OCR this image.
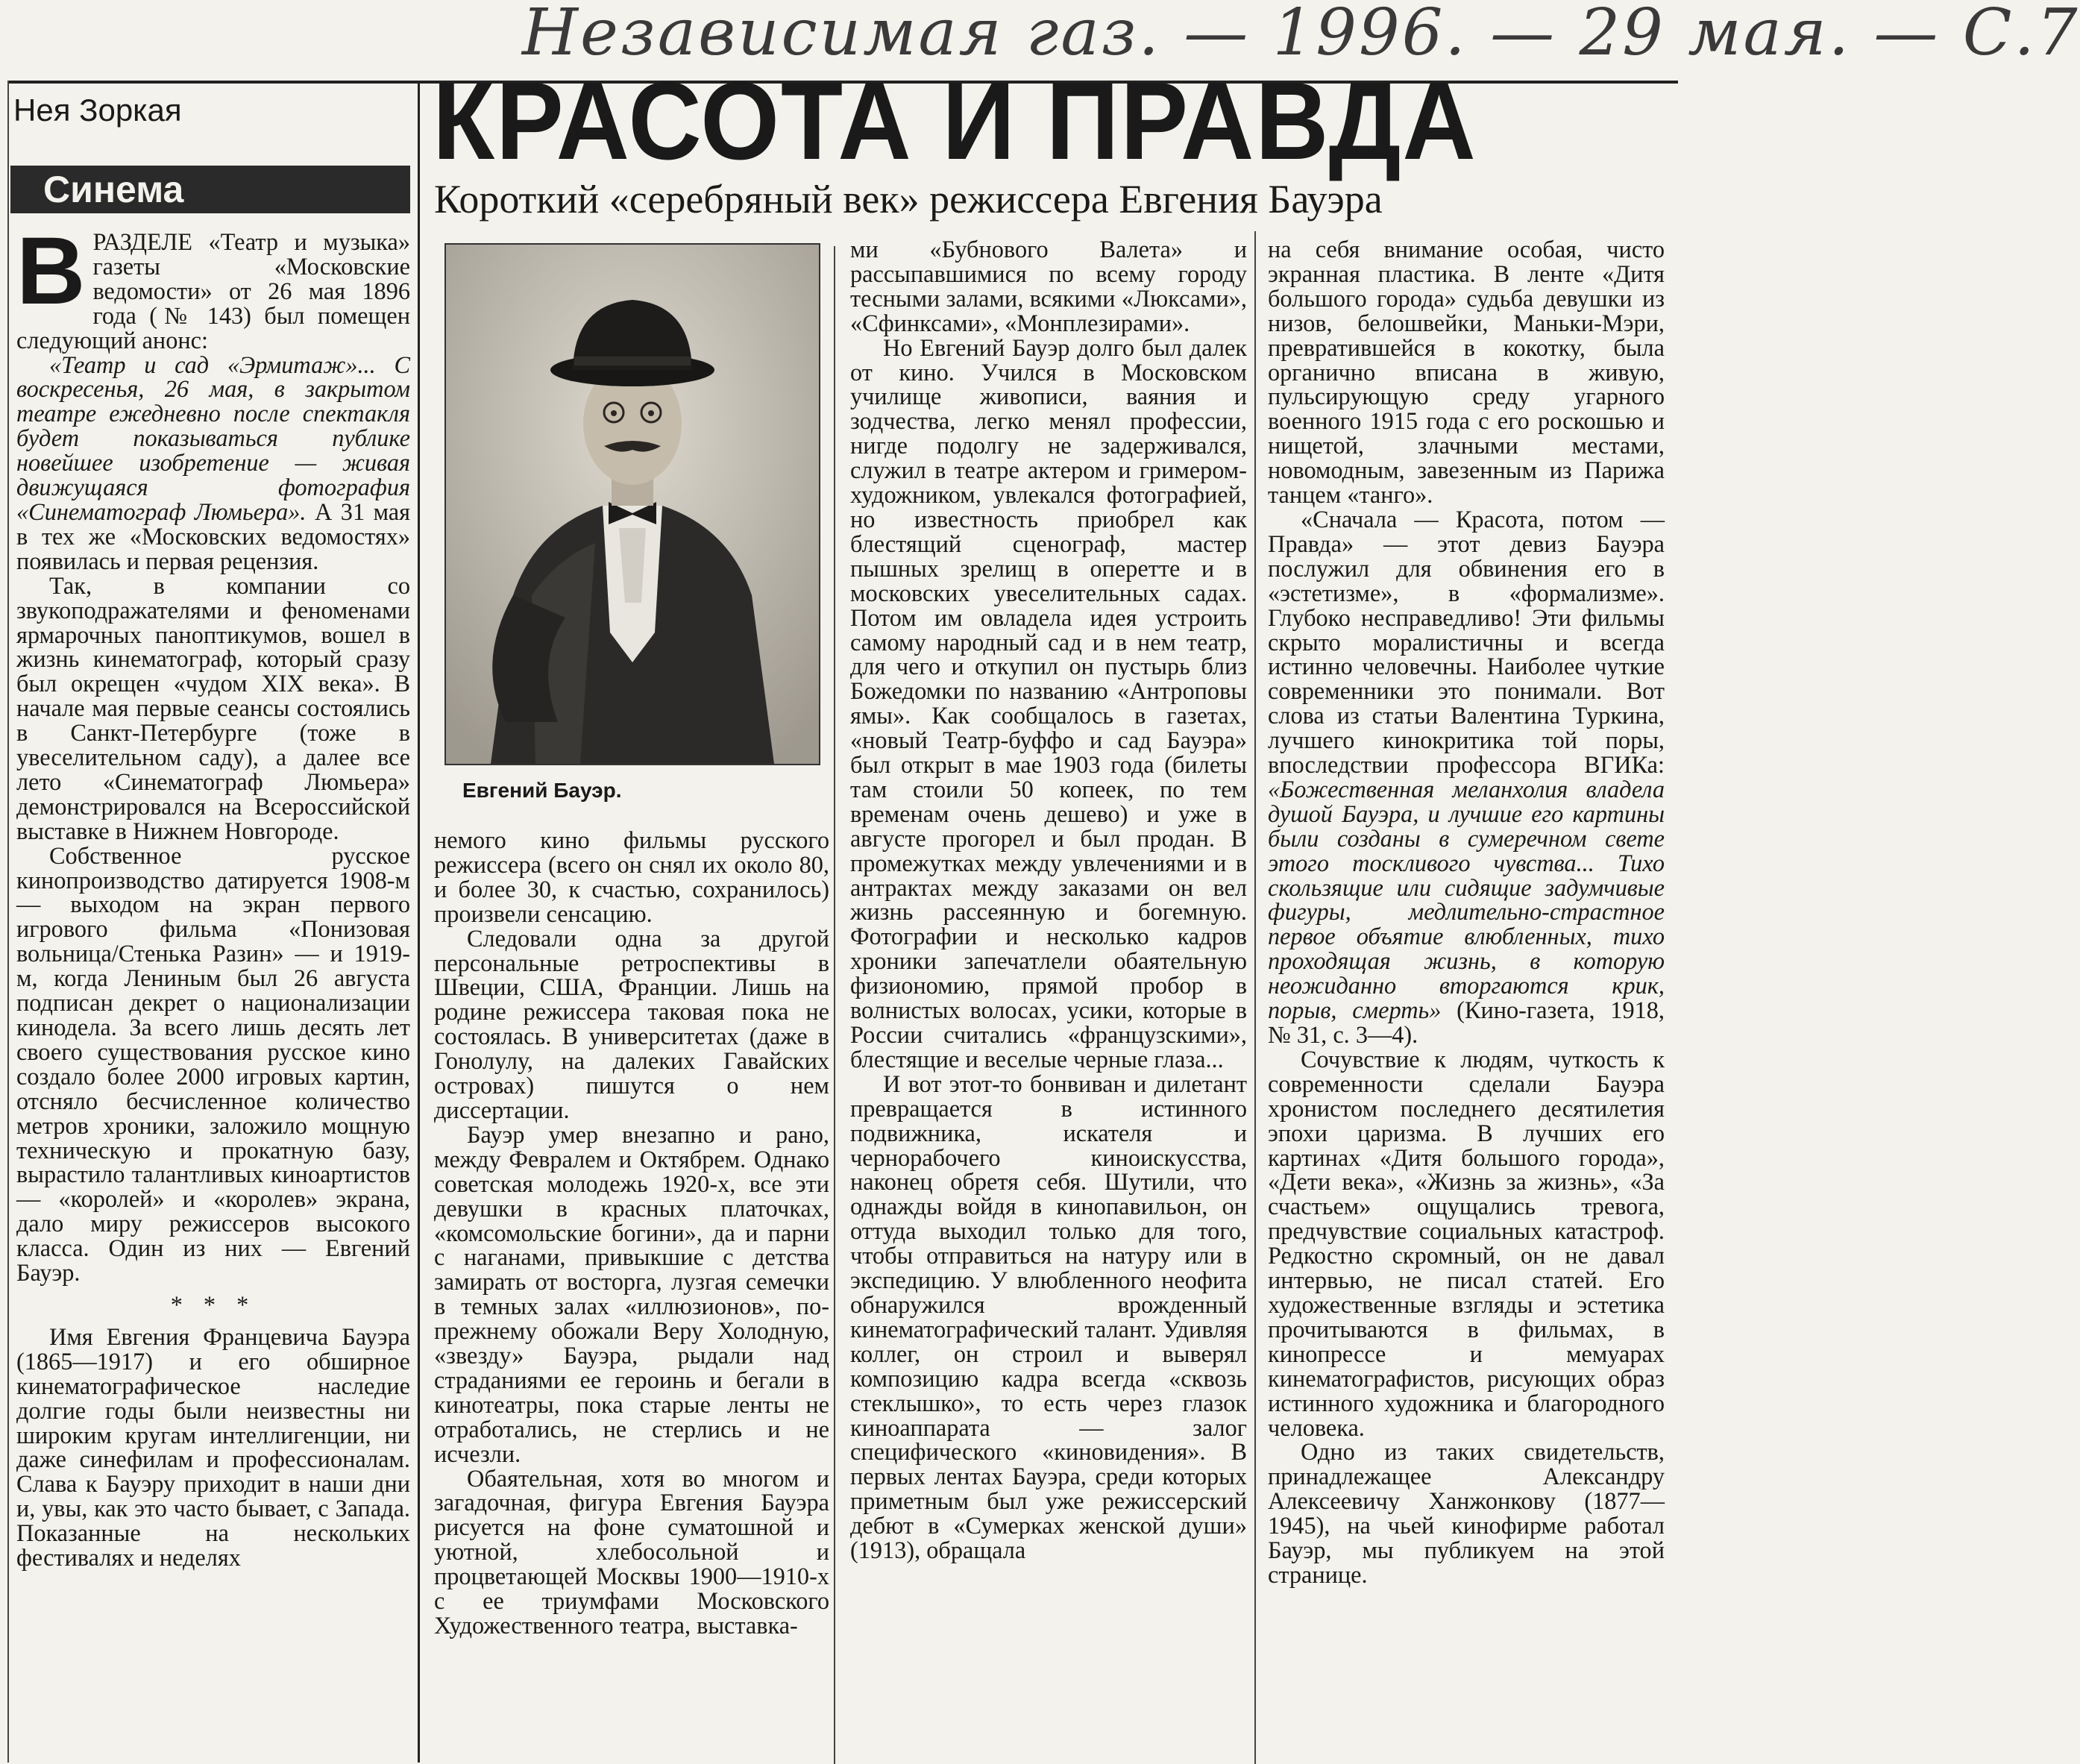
Независимая газ. — 1996. — 29 мая. — С.7
Нея Зоркая
Синема
КРАСОТА И ПРАВДА
Короткий «серебряный век» режиссера Евгения Бауэра
Евгений Бауэр.

ВРАЗДЕЛЕ «Театр и музыка» газеты «Московские ведомости» от 26 мая 1896 года (№ 143) был помещен следующий анонс:

«Театр и сад «Эрмитаж»... С воскресенья, 26 мая, в закрытом театре ежедневно после спектакля будет показываться публике новейшее изобретение — живая движущаяся фотография «Синематограф Люмьера». А 31 мая в тех же «Московских ведомостях» появилась и первая рецензия.

Так, в компании со звукоподражателями и феноменами ярмарочных паноптикумов, вошел в жизнь кинематограф, который сразу был окрещен «чудом XIX века». В начале мая первые сеансы состоялись в Санкт-Петербурге (тоже в увеселительном саду), а далее все лето «Синематограф Люмьера» демонстрировался на Всероссийской выставке в Нижнем Новгороде.

Собственное русское кинопроизводство датируется 1908-м — выходом на экран первого игрового фильма «Понизовая вольница/Стенька Разин» — и 1919-м, когда Лениным был 26 августа подписан декрет о национализации кинодела. За всего лишь десять лет своего существования русское кино создало более 2000 игровых картин, отсняло бесчисленное количество метров хроники, заложило мощную техническую и прокатную базу, вырастило талантливых киноартистов — «королей» и «королев» экрана, дало миру режиссеров высокого класса. Один из них — Евгений Бауэр.

* * *

Имя Евгения Францевича Бауэра (1865—1917) и его обширное кинематографическое наследие долгие годы были неизвестны ни широким кругам интеллигенции, ни даже синефилам и профессионалам. Слава к Бауэру приходит в наши дни и, увы, как это часто бывает, с Запада. Показанные на нескольких фестивалях и неделях

немого кино фильмы русского режиссера (всего он снял их около 80, и более 30, к счастью, сохранилось) произвели сенсацию.

Следовали одна за другой персональные ретроспективы в Швеции, США, Франции. Лишь на родине режиссера таковая пока не состоялась. В университетах (даже в Гонолулу, на далеких Гавайских островах) пишутся о нем диссертации.

Бауэр умер внезапно и рано, между Февралем и Октябрем. Однако советская молодежь 1920-х, все эти девушки в красных платочках, «комсомольские богини», да и парни с наганами, привыкшие с детства замирать от восторга, лузгая семечки в темных залах «иллюзионов», по-прежнему обожали Веру Холодную, «звезду» Бауэра, рыдали над страданиями ее героинь и бегали в кинотеатры, пока старые ленты не отработались, не стерлись и не исчезли.

Обаятельная, хотя во многом и загадочная, фигура Евгения Бауэра рисуется на фоне суматошной и уютной, хлебосольной и процветающей Москвы 1900—1910-х с ее триумфами Московского Художественного театра, выставка-

ми «Бубнового Валета» и рассыпавшимися по всему городу тесными залами, всякими «Люксами», «Сфинксами», «Монплезирами».

Но Евгений Бауэр долго был далек от кино. Учился в Московском училище живописи, ваяния и зодчества, легко менял профессии, нигде подолгу не задерживался, служил в театре актером и гримером-художником, увлекался фотографией, но известность приобрел как блестящий сценограф, мастер пышных зрелищ в оперетте и в московских увеселительных садах. Потом им овладела идея устроить самому народный сад и в нем театр, для чего и откупил он пустырь близ Божедомки по названию «Антроповы ямы». Как сообщалось в газетах, «новый Театр-буффо и сад Бауэра» был открыт в мае 1903 года (билеты там стоили 50 копеек, по тем временам очень дешево) и уже в августе прогорел и был продан. В промежутках между увлечениями и в антрактах между заказами он вел жизнь рассеянную и богемную. Фотографии и несколько кадров хроники запечатлели обаятельную физиономию, прямой пробор в волнистых волосах, усики, которые в России считались «французскими», блестящие и веселые черные глаза...

И вот этот-то бонвиван и дилетант превращается в истинного подвижника, искателя и чернорабочего киноискусства, наконец обретя себя. Шутили, что однажды войдя в кинопавильон, он оттуда выходил только для того, чтобы отправиться на натуру или в экспедицию. У влюбленного неофита обнаружился врожденный кинематографический талант. Удивляя коллег, он строил и выверял композицию кадра всегда «сквозь стеклышко», то есть через глазок киноаппарата — залог специфического «киновидения». В первых лентах Бауэра, среди которых приметным был уже режиссерский дебют в «Сумерках женской души» (1913), обращала

на себя внимание особая, чисто экранная пластика. В ленте «Дитя большого города» судьба девушки из низов, белошвейки, Маньки-Мэри, превратившейся в кокотку, была органично вписана в живую, пульсирующую среду угарного военного 1915 года с его роскошью и нищетой, злачными местами, новомодным, завезенным из Парижа танцем «танго».

«Сначала — Красота, потом — Правда» — этот девиз Бауэра послужил для обвинения его в «эстетизме», в «формализме». Глубоко несправедливо! Эти фильмы скрыто моралистичны и всегда истинно человечны. Наиболее чуткие современники это понимали. Вот слова из статьи Валентина Туркина, лучшего кинокритика той поры, впоследствии профессора ВГИКа: «Божественная меланхолия владела душой Бауэра, и лучшие его картины были созданы в сумеречном свете этого тоскливого чувства... Тихо скользящие или сидящие задумчивые фигуры, медлительно-страстное первое объятие влюбленных, тихо проходящая жизнь, в которую неожиданно вторгаются крик, порыв, смерть» (Кино-газета, 1918, № 31, с. 3—4).

Сочувствие к людям, чуткость к современности сделали Бауэра хронистом последнего десятилетия эпохи царизма. В лучших его картинах «Дитя большого города», «Дети века», «Жизнь за жизнь», «За счастьем» ощущались тревога, предчувствие социальных катастроф. Редкостно скромный, он не давал интервью, не писал статей. Его художественные взгляды и эстетика прочитываются в фильмах, в кинопрессе и мемуарах кинематографистов, рисующих образ истинного художника и благородного человека.

Одно из таких свидетельств, принадлежащее Александру Алексеевичу Ханжонкову (1877—1945), на чьей кинофирме работал Бауэр, мы публикуем на этой странице.
